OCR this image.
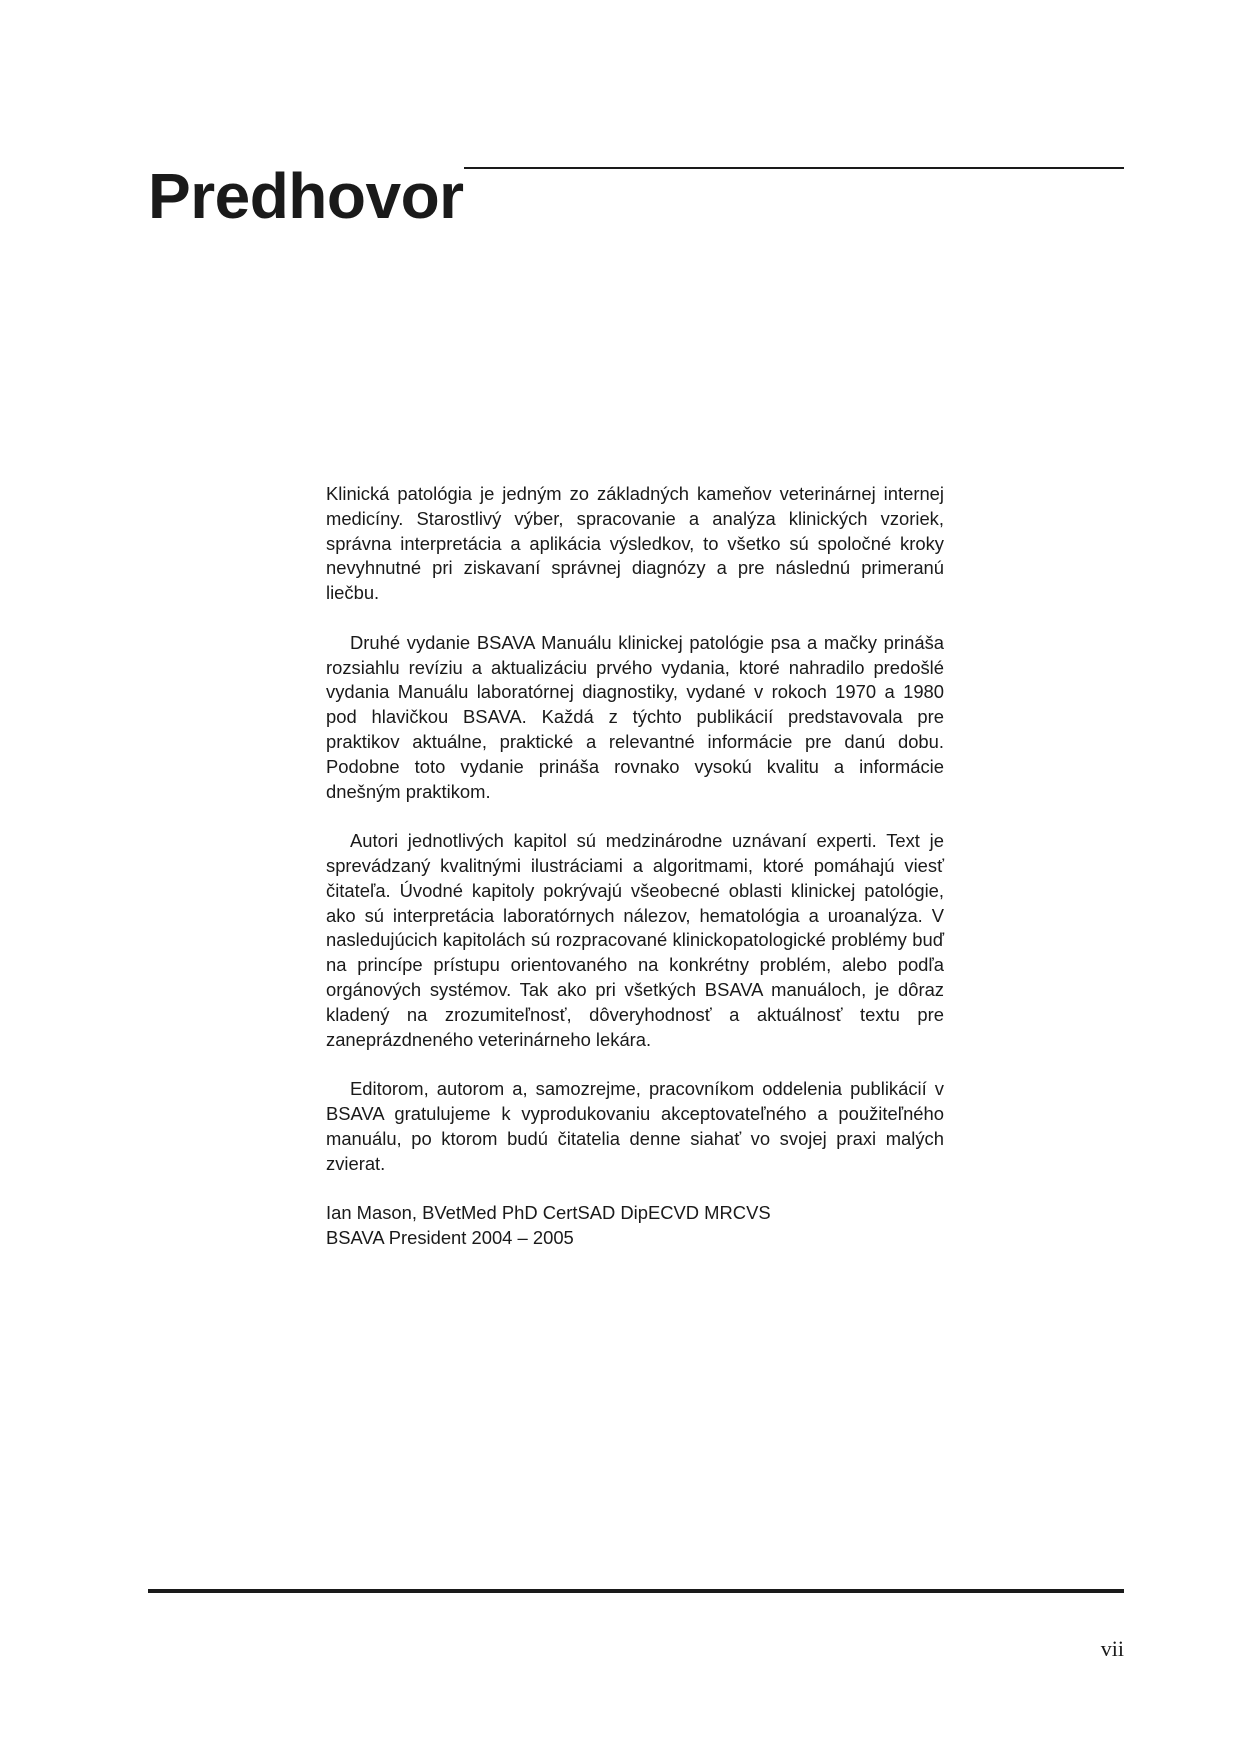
Predhovor

Klinická patológia je jedným zo základných kameňov veterinárnej internej medicíny. Starostlivý výber, spracovanie a analýza klinických vzoriek, správna interpretácia a aplikácia výsledkov, to všetko sú spoločné kroky nevyhnutné pri ziskavaní správnej diagnózy a pre následnú primeranú liečbu.

Druhé vydanie BSAVA Manuálu klinickej patológie psa a mačky prináša rozsiahlu revíziu a aktualizáciu prvého vydania, ktoré nahradilo predošlé vydania Manuálu laboratórnej diagnostiky, vydané v rokoch 1970 a 1980 pod hlavičkou BSAVA. Každá z týchto publikácií predstavovala pre praktikov aktuálne, praktické a relevantné informácie pre danú dobu. Podobne toto vydanie prináša rovnako vysokú kvalitu a informácie dnešným praktikom.

Autori jednotlivých kapitol sú medzinárodne uznávaní experti. Text je sprevádzaný kvalitnými ilustráciami a algoritmami, ktoré pomáhajú viesť čitateľa. Úvodné kapitoly pokrývajú všeobecné oblasti klinickej patológie, ako sú interpretácia laboratórnych nálezov, hematológia a uroanalýza. V nasledujúcich kapitolách sú rozpracované klinickopatologické problémy buď na princípe prístupu orientovaného na konkrétny problém, alebo podľa orgánových systémov. Tak ako pri všetkých BSAVA manuáloch, je dôraz kladený na zrozumiteľnosť, dôveryhodnosť a aktuálnosť textu pre zaneprázdneného veterinárneho lekára.

Editorom, autorom a, samozrejme, pracovníkom oddelenia publikácií v BSAVA gratulujeme k vyprodukovaniu akceptovateľného a použiteľného manuálu, po ktorom budú čitatelia denne siahať vo svojej praxi malých zvierat.

Ian Mason, BVetMed PhD CertSAD DipECVD MRCVS
BSAVA President 2004 – 2005
vii
